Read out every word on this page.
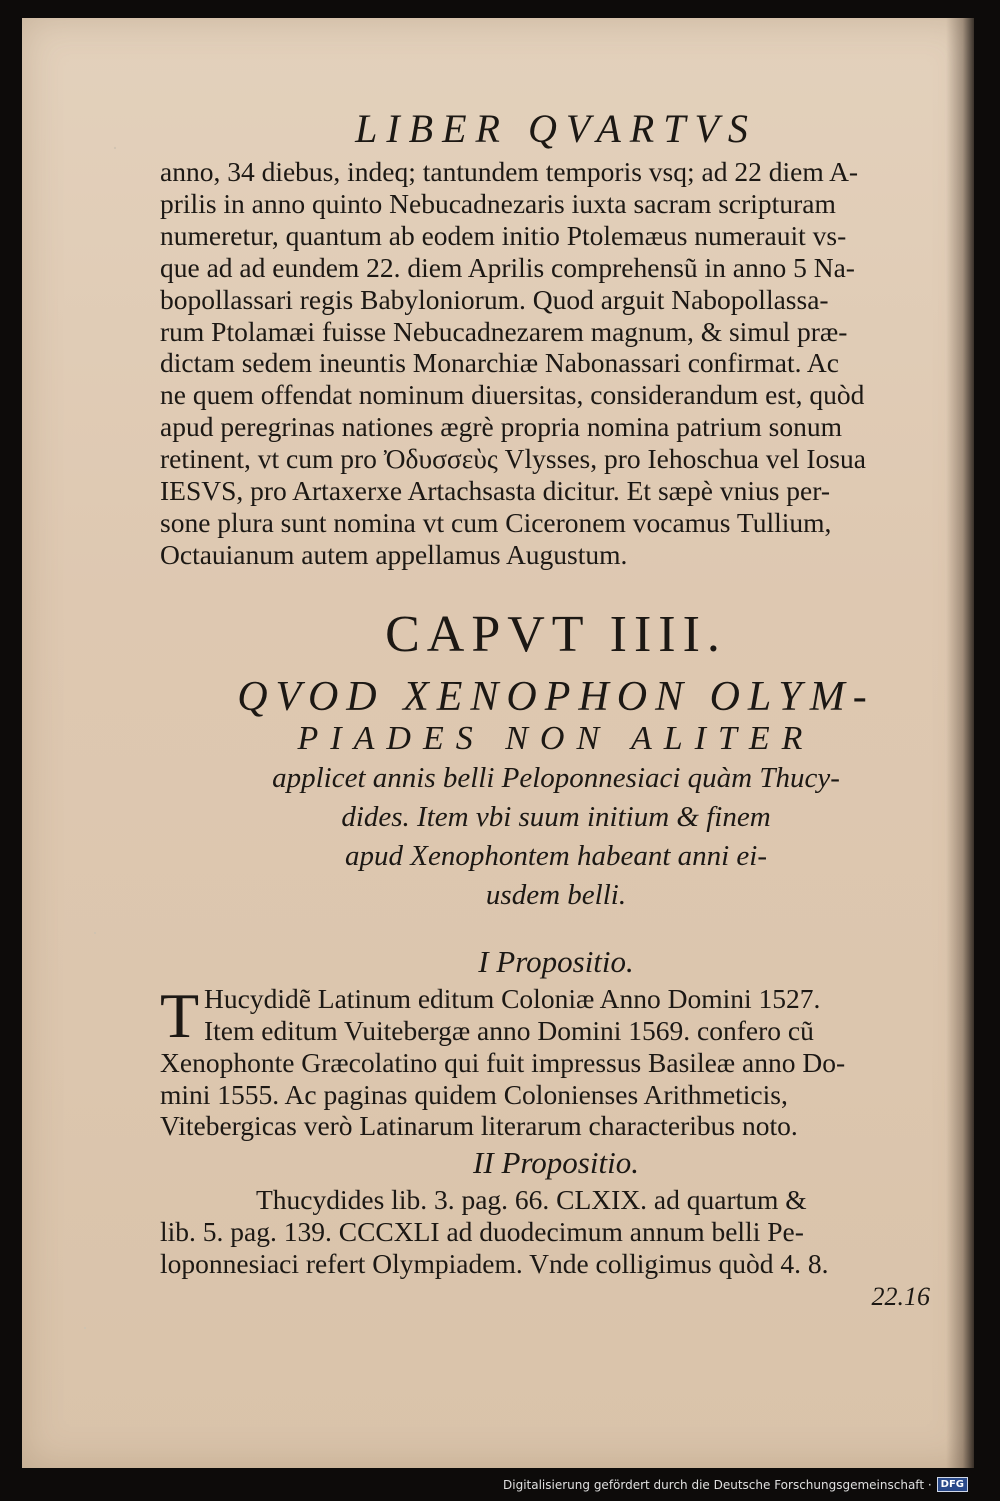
·
·
·
LIBER QVARTVS
anno, 34 diebus, indeq; tantundem temporis vsq; ad 22 diem A-
prilis in anno quinto Nebucadnezaris iuxta sacram scripturam
numeretur, quantum ab eodem initio Ptolemæus numerauit vs-
que ad ad eundem 22. diem Aprilis comprehensũ in anno 5 Na-
bopollassari regis Babyloniorum. Quod arguit Nabopollassa-
rum Ptolamæi fuisse Nebucadnezarem magnum, & simul præ-
dictam sedem ineuntis Monarchiæ Nabonassari confirmat. Ac
ne quem offendat nominum diuersitas, considerandum est, quòd
apud peregrinas nationes ægrè propria nomina patrium sonum
retinent, vt cum pro Ὀδυσσεὺς Vlysses, pro Iehoschua vel Iosua
IESVS, pro Artaxerxe Artachsasta dicitur. Et sæpè vnius per-
sone plura sunt nomina vt cum Ciceronem vocamus Tullium,
Octauianum autem appellamus Augustum.
CAPVT IIII.
QVOD XENOPHON OLYM-
PIADES NON ALITER
applicet annis belli Peloponnesiaci quàm Thucy-
dides. Item vbi suum initium & finem
apud Xenophontem habeant anni ei-
usdem belli.
I Propositio.
T Hucydidẽ Latinum editum Coloniæ Anno Domini 1527.
Item editum Vuitebergæ anno Domini 1569. confero cũ
Xenophonte Græcolatino qui fuit impressus Basileæ anno Do-
mini 1555. Ac paginas quidem Colonienses Arithmeticis,
Vitebergicas verò Latinarum literarum characteribus noto.
II Propositio.
Thucydides lib. 3. pag. 66. CLXIX. ad quartum &
lib. 5. pag. 139. CCCXLI ad duodecimum annum belli Pe-
loponnesiaci refert Olympiadem. Vnde colligimus quòd 4. 8.
22.16
Digitalisierung gefördert durch die Deutsche Forschungsgemeinschaft · DFG
